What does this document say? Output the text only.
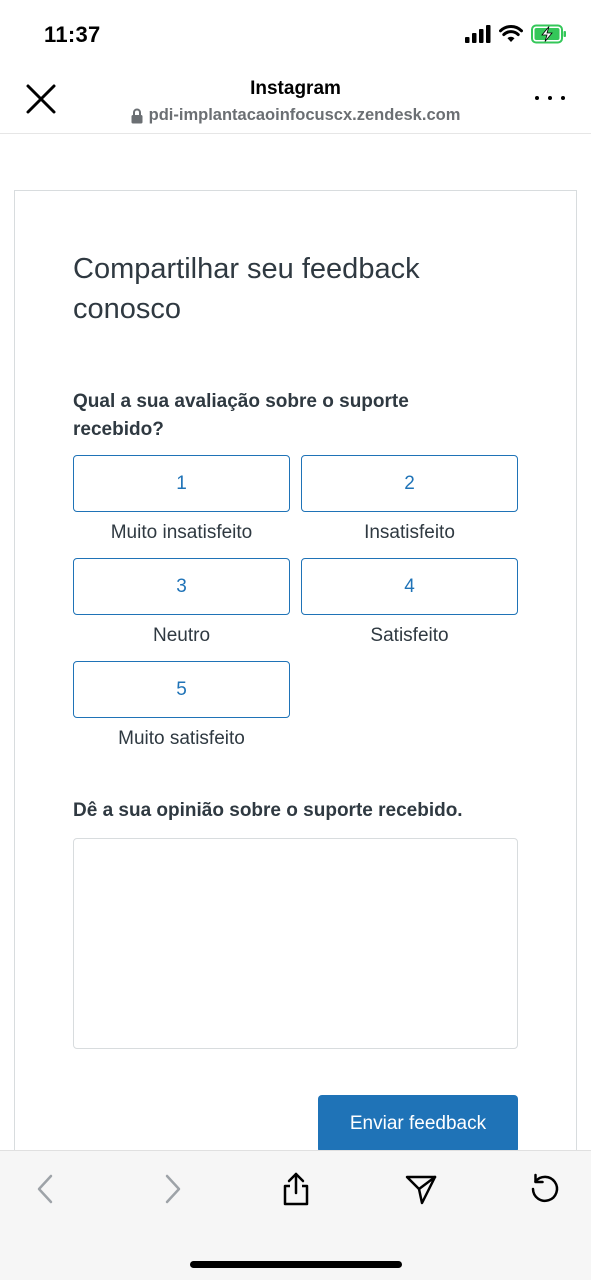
11:37
Instagram
pdi-implantacaoinfocuscx.zendesk.com
Compartilhar seu feedback conosco
Qual a sua avaliação sobre o suporte recebido?
1
Muito insatisfeito
2
Insatisfeito
3
Neutro
4
Satisfeito
5
Muito satisfeito
Dê a sua opinião sobre o suporte recebido.
Enviar feedback
